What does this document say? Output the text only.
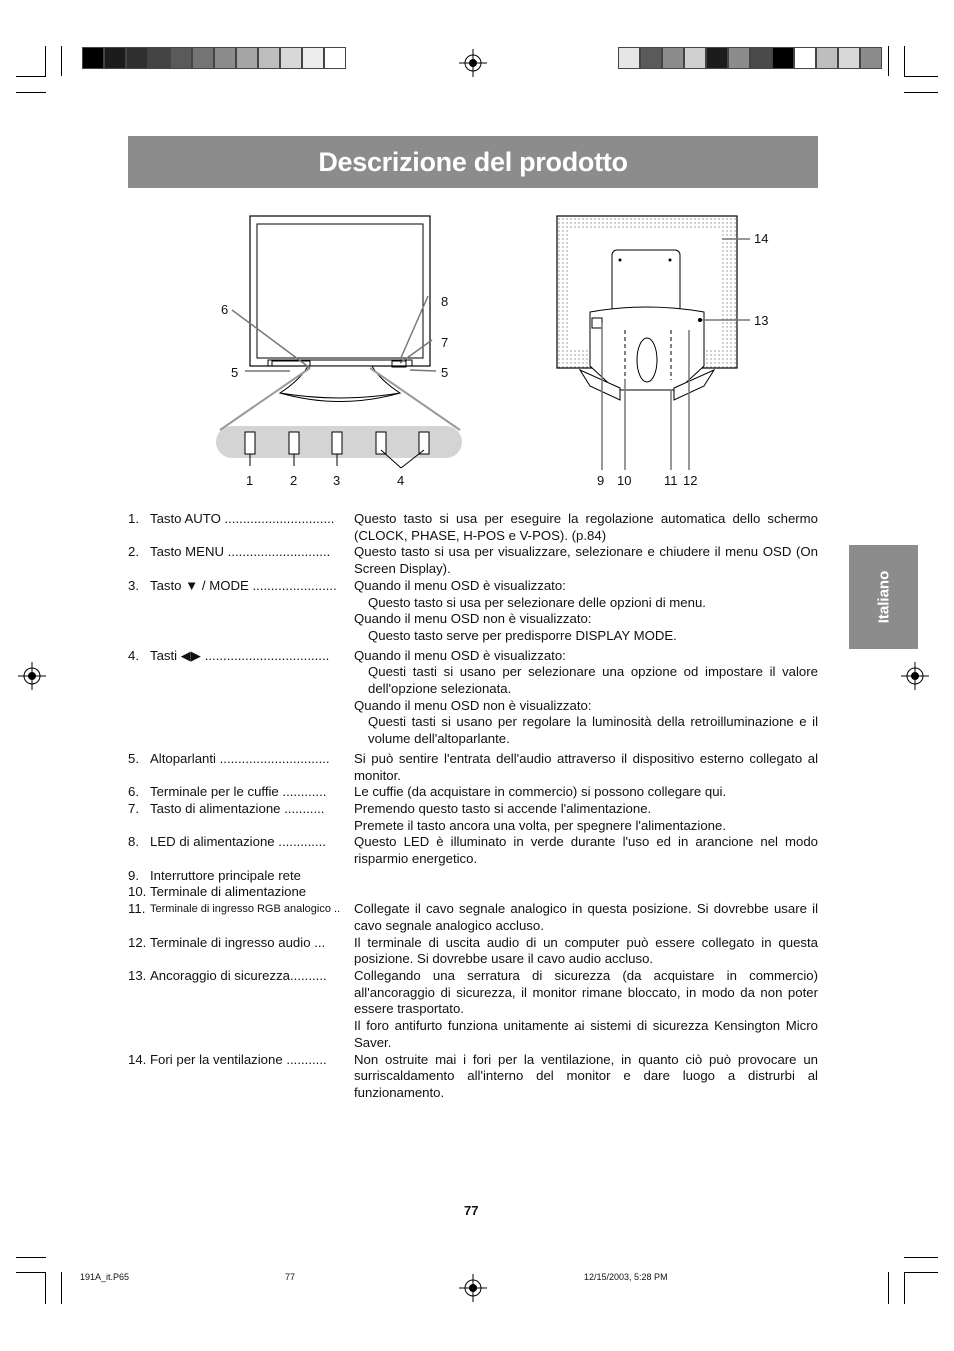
Descrizione del prodotto
Italiano
1	2	3	4
5	5
6
7
8
14
13
9 10	11 12
1. Tasto AUTO ..............................	Questo tasto si usa per eseguire la regolazione automatica dello schermo (CLOCK, PHASE, H-POS e V-POS). (p.84)
2. Tasto MENU ............................	Questo tasto si usa per visualizzare, selezionare e chiudere il menu OSD (On Screen Display).
3. Tasto ▼ / MODE .......................	Quando il menu OSD è visualizzato:
Questo tasto si usa per selezionare delle opzioni di menu.
Quando il menu OSD non è visualizzato:
Questo tasto serve per predisporre DISPLAY MODE.
4. Tasti ◀▶ ..................................	Quando il menu OSD è visualizzato:
Questi tasti si usano per selezionare una opzione od impostare il valore dell'opzione selezionata.
Quando il menu OSD non è visualizzato:
Questi tasti si usano per regolare la luminosità della retroilluminazione e il volume dell'altoparlante.
5. Altoparlanti ..............................	Si può sentire l'entrata dell'audio attraverso il dispositivo esterno collegato al monitor.
6. Terminale per le cuffie ............	Le cuffie (da acquistare in commercio) si possono collegare qui.
7. Tasto di alimentazione ...........	Premendo questo tasto si accende l'alimentazione.
Premete il tasto ancora una volta, per spegnere l'alimentazione.
8. LED di alimentazione .............	Questo LED è illuminato in verde durante l'uso ed in arancione nel modo risparmio energetico.
9. Interruttore principale rete

10. Terminale di alimentazione

11. Terminale di ingresso RGB analogico ..	Collegate il cavo segnale analogico in questa posizione. Si dovrebbe usare il cavo segnale analogico accluso.
12. Terminale di ingresso audio ...	Il terminale di uscita audio di un computer può essere collegato in questa posizione. Si dovrebbe usare il cavo audio accluso.
13. Ancoraggio di sicurezza..........	Collegando una serratura di sicurezza (da acquistare in commercio) all'ancoraggio di sicurezza, il monitor rimane bloccato, in modo da non poter essere trasportato.
Il foro antifurto funziona unitamente ai sistemi di sicurezza Kensington Micro Saver.
14. Fori per la ventilazione ...........	Non ostruite mai i fori per la ventilazione, in quanto ciò può provocare un surriscaldamento all'interno del monitor e dare luogo a distrurbi al funzionamento.
77
191A_it.P65	77	12/15/2003, 5:28 PM
